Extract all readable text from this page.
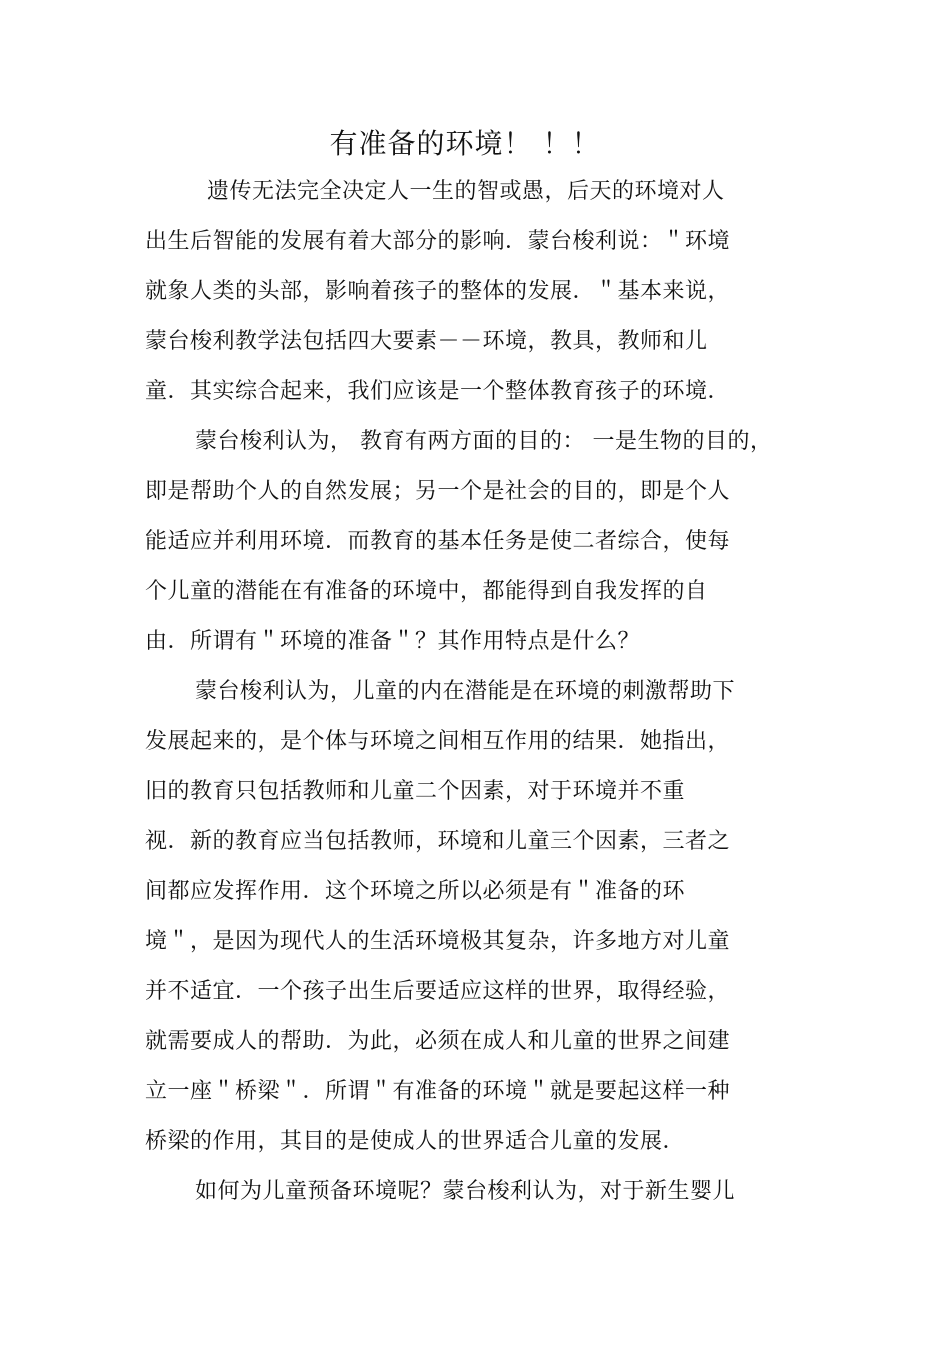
有准备的环境！ ！！
遗传无法完全决定人一生的智或愚，后天的环境对人
出生后智能的发展有着大部分的影响．蒙台梭利说：＂环境
就象人类的头部，影响着孩子的整体的发展．＂基本来说，
蒙台梭利教学法包括四大要素－－环境，教具，教师和儿
童．其实综合起来，我们应该是一个整体教育孩子的环境．
蒙台梭利认为， 教育有两方面的目的： 一是生物的目的，
即是帮助个人的自然发展；另一个是社会的目的，即是个人
能适应并利用环境．而教育的基本任务是使二者综合，使每
个儿童的潜能在有准备的环境中，都能得到自我发挥的自
由．所谓有＂环境的准备＂？其作用特点是什么？
蒙台梭利认为，儿童的内在潜能是在环境的刺激帮助下
发展起来的，是个体与环境之间相互作用的结果．她指出，
旧的教育只包括教师和儿童二个因素，对于环境并不重
视．新的教育应当包括教师，环境和儿童三个因素，三者之
间都应发挥作用．这个环境之所以必须是有＂准备的环
境＂，是因为现代人的生活环境极其复杂，许多地方对儿童
并不适宜．一个孩子出生后要适应这样的世界，取得经验，
就需要成人的帮助．为此，必须在成人和儿童的世界之间建
立一座＂桥梁＂．所谓＂有准备的环境＂就是要起这样一种
桥梁的作用，其目的是使成人的世界适合儿童的发展．
如何为儿童预备环境呢？蒙台梭利认为，对于新生婴儿
